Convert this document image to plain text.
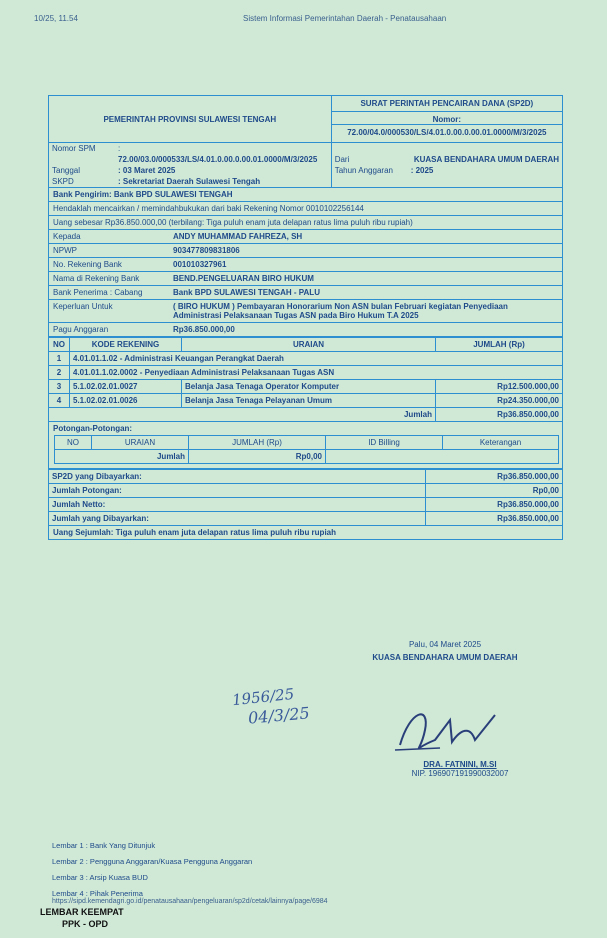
10/25, 11.54	Sistem Informasi Pemerintahan Daerah - Penatausahaan
PEMERINTAH PROVINSI SULAWESI TENGAH	SURAT PERINTAH PENCAIRAN DANA (SP2D)

Nomor:
72.00/04.0/000530/LS/4.01.0.00.0.00.01.0000/M/3/2025
Nomor SPM	:
	72.00/03.0/000533/LS/4.01.0.00.0.00.01.0000/M/3/2025
Tanggal	: 03 Maret 2025
SKPD	: Sekretariat Daerah Sulawesi Tengah

Dari	KUASA BENDAHARA UMUM DAERAH
Tahun Anggaran	: 2025
Bank Pengirim: Bank BPD SULAWESI TENGAH
Hendaklah mencairkan / memindahbukukan dari baki Rekening Nomor 0010102256144
Uang sebesar Rp36.850.000,00 (terbilang: Tiga puluh enam juta delapan ratus lima puluh ribu rupiah)
Kepada	ANDY MUHAMMAD FAHREZA, SH
NPWP	903477809831806
No. Rekening Bank	001010327961
Nama di Rekening Bank	BEND.PENGELUARAN BIRO HUKUM
Bank Penerima : Cabang	Bank BPD SULAWESI TENGAH - PALU
Keperluan Untuk	( BIRO HUKUM ) Pembayaran Honorarium Non ASN bulan Februari kegiatan Penyediaan Administrasi Pelaksanaan Tugas ASN pada Biro Hukum T.A 2025
Pagu Anggaran	Rp36.850.000,00
NO	KODE REKENING	URAIAN	JUMLAH (Rp)
1	4.01.01.1.02 - Administrasi Keuangan Perangkat Daerah		
2	4.01.01.1.02.0002 - Penyediaan Administrasi Pelaksanaan Tugas ASN		
3	5.1.02.02.01.0027	Belanja Jasa Tenaga Operator Komputer	Rp12.500.000,00
4	5.1.02.02.01.0026	Belanja Jasa Tenaga Pelayanan Umum	Rp24.350.000,00
Jumlah			Rp36.850.000,00
Potongan-Potongan:
NO	URAIAN	JUMLAH (Rp)	ID Billing	Keterangan
Jumlah		Rp0,00		
SP2D yang Dibayarkan:	Rp36.850.000,00
Jumlah Potongan:	Rp0,00
Jumlah Netto:	Rp36.850.000,00
Jumlah yang Dibayarkan:	Rp36.850.000,00
Uang Sejumlah: Tiga puluh enam juta delapan ratus lima puluh ribu rupiah
Palu, 04 Maret 2025
KUASA BENDAHARA UMUM DAERAH
1956/25
04/3/25
DRA. FATNINI, M.SI
NIP. 196907191990032007
Lembar 1 : Bank Yang Ditunjuk
Lembar 2 : Pengguna Anggaran/Kuasa Pengguna Anggaran
Lembar 3 : Arsip Kuasa BUD
Lembar 4 : Pihak Penerima
https://sipd.kemendagri.go.id/penatausahaan/pengeluaran/sp2d/cetak/lainnya/page/6984
LEMBAR KEEMPAT
PPK - OPD
